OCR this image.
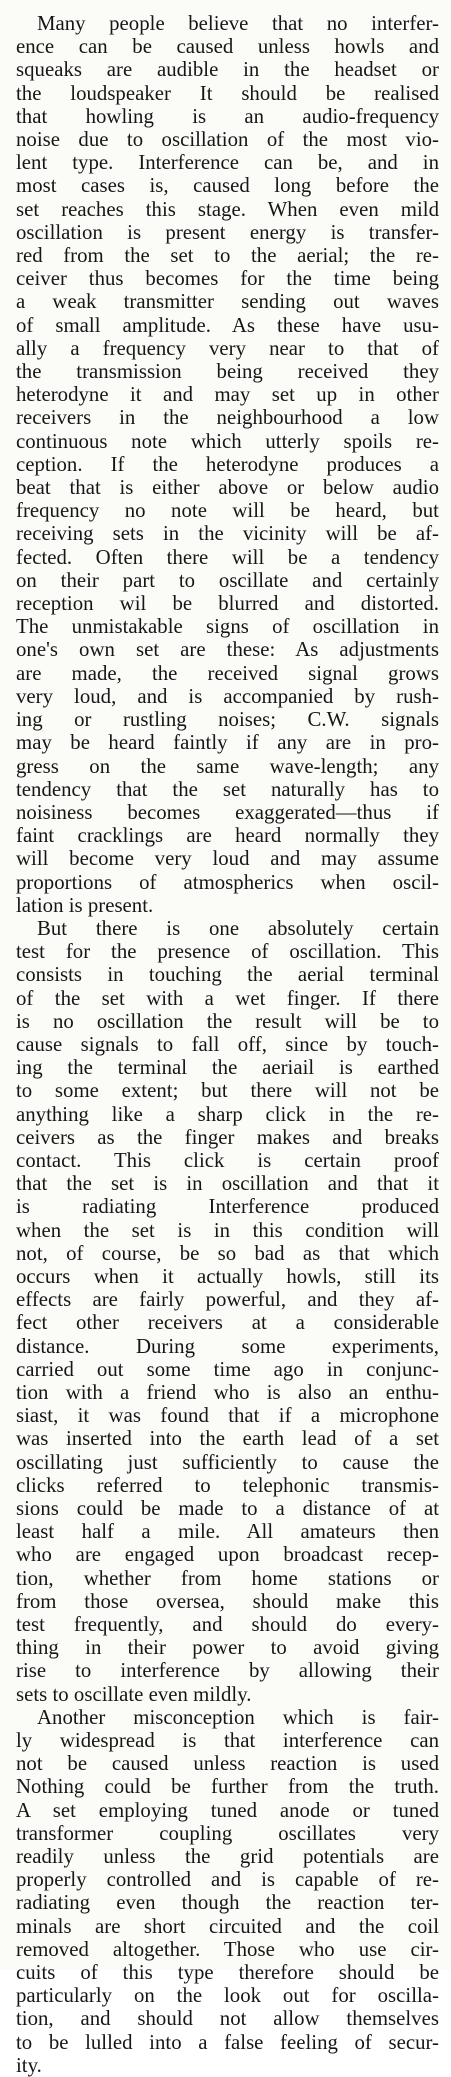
Many people believe that no interfer-
ence can be caused unless howls and
squeaks are audible in the headset or
the loudspeaker It should be realised
that howling is an audio-frequency
noise due to oscillation of the most vio-
lent type. Interference can be, and in
most cases is, caused long before the
set reaches this stage. When even mild
oscillation is present energy is transfer-
red from the set to the aerial; the re-
ceiver thus becomes for the time being
a weak transmitter sending out waves
of small amplitude. As these have usu-
ally a frequency very near to that of
the transmission being received they
heterodyne it and may set up in other
receivers in the neighbourhood a low
continuous note which utterly spoils re-
ception. If the heterodyne produces a
beat that is either above or below audio
frequency no note will be heard, but
receiving sets in the vicinity will be af-
fected. Often there will be a tendency
on their part to oscillate and certainly
reception wil be blurred and distorted.
The unmistakable signs of oscillation in
one's own set are these: As adjustments
are made, the received signal grows
very loud, and is accompanied by rush-
ing or rustling noises; C.W. signals
may be heard faintly if any are in pro-
gress on the same wave-length; any
tendency that the set naturally has to
noisiness becomes exaggerated—thus if
faint cracklings are heard normally they
will become very loud and may assume
proportions of atmospherics when oscil-
lation is present.
But there is one absolutely certain
test for the presence of oscillation. This
consists in touching the aerial terminal
of the set with a wet finger. If there
is no oscillation the result will be to
cause signals to fall off, since by touch-
ing the terminal the aeriail is earthed
to some extent; but there will not be
anything like a sharp click in the re-
ceivers as the finger makes and breaks
contact. This click is certain proof
that the set is in oscillation and that it
is radiating Interference produced
when the set is in this condition will
not, of course, be so bad as that which
occurs when it actually howls, still its
effects are fairly powerful, and they af-
fect other receivers at a considerable
distance. During some experiments,
carried out some time ago in conjunc-
tion with a friend who is also an enthu-
siast, it was found that if a microphone
was inserted into the earth lead of a set
oscillating just sufficiently to cause the
clicks referred to telephonic transmis-
sions could be made to a distance of at
least half a mile. All amateurs then
who are engaged upon broadcast recep-
tion, whether from home stations or
from those oversea, should make this
test frequently, and should do every-
thing in their power to avoid giving
rise to interference by allowing their
sets to oscillate even mildly.
Another misconception which is fair-
ly widespread is that interference can
not be caused unless reaction is used
Nothing could be further from the truth.
A set employing tuned anode or tuned
transformer coupling oscillates very
readily unless the grid potentials are
properly controlled and is capable of re-
radiating even though the reaction ter-
minals are short circuited and the coil
removed altogether. Those who use cir-
cuits of this type therefore should be
particularly on the look out for oscilla-
tion, and should not allow themselves
to be lulled into a false feeling of secur-
ity.
